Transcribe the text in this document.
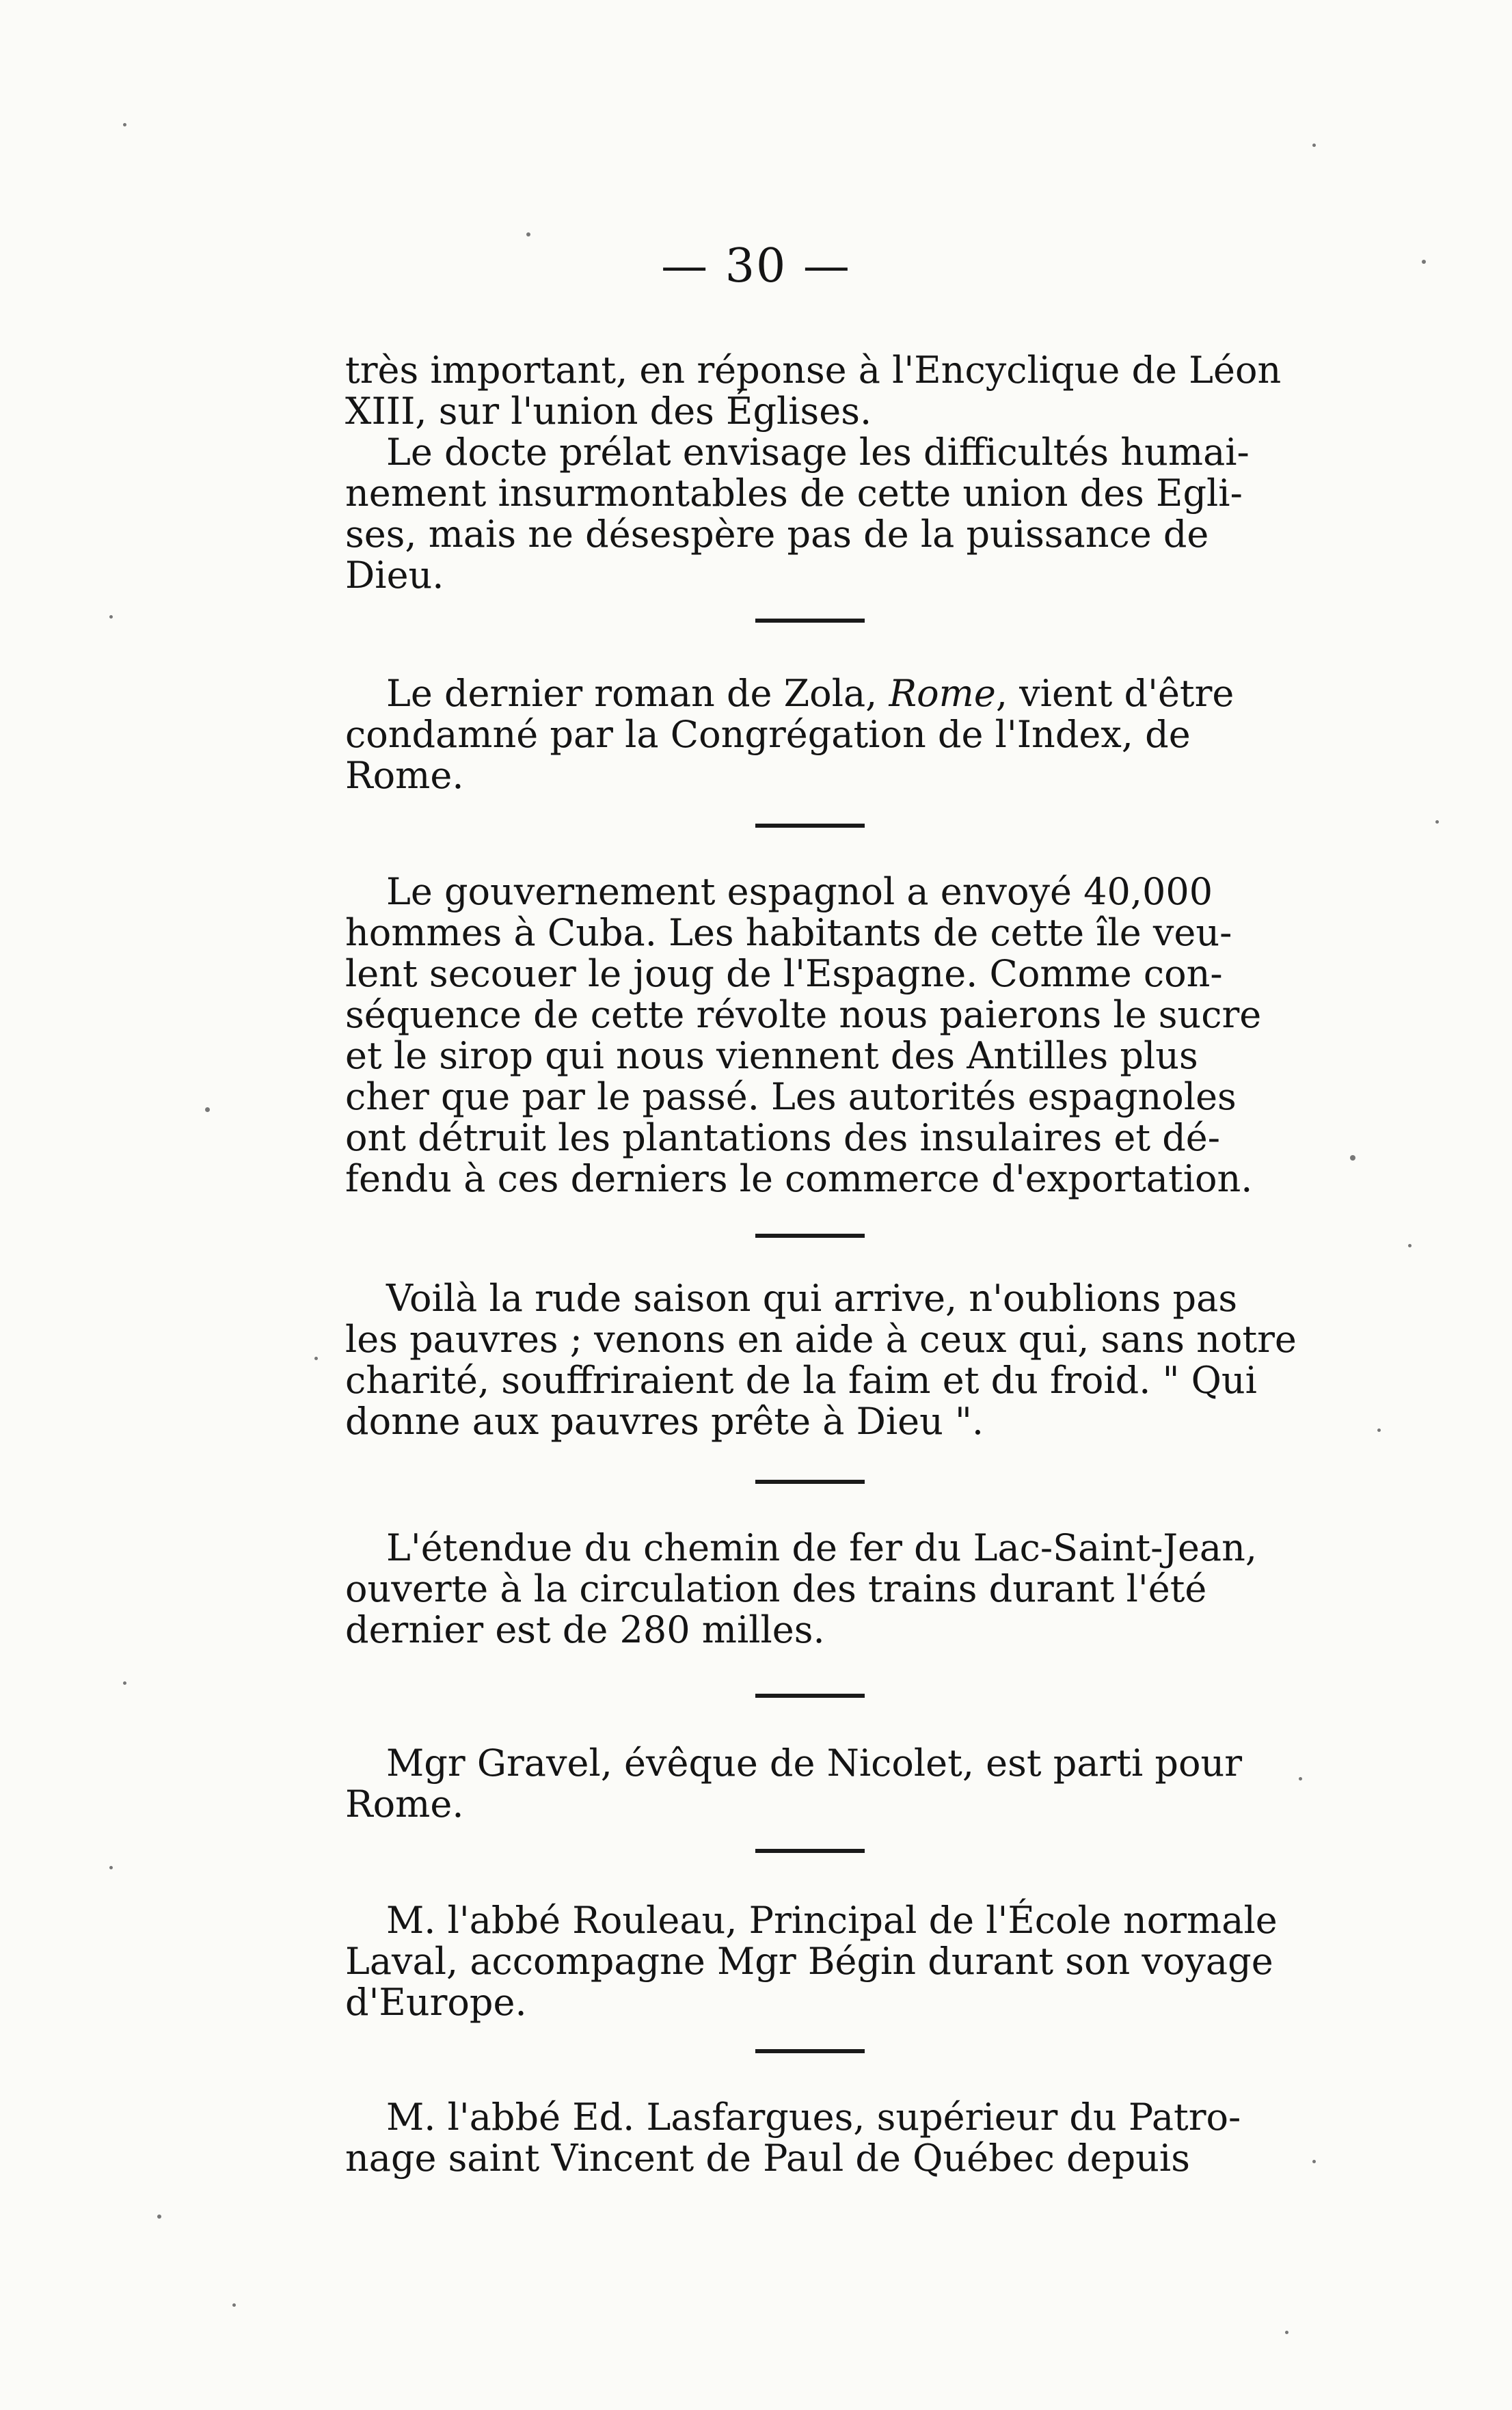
— 30 —

très important, en réponse à l'Encyclique de Léon
XIII, sur l'union des Églises.
Le docte prélat envisage les difficultés humai-
nement insurmontables de cette union des Egli-
ses, mais ne désespère pas de la puissance de
Dieu.

Le dernier roman de Zola, Rome, vient d'être
condamné par la Congrégation de l'Index, de
Rome.

Le gouvernement espagnol a envoyé 40,000
hommes à Cuba. Les habitants de cette île veu-
lent secouer le joug de l'Espagne. Comme con-
séquence de cette révolte nous paierons le sucre
et le sirop qui nous viennent des Antilles plus
cher que par le passé. Les autorités espagnoles
ont détruit les plantations des insulaires et dé-
fendu à ces derniers le commerce d'exportation.

Voilà la rude saison qui arrive, n'oublions pas
les pauvres ; venons en aide à ceux qui, sans notre
charité, souffriraient de la faim et du froid. " Qui
donne aux pauvres prête à Dieu ".

L'étendue du chemin de fer du Lac-Saint-Jean,
ouverte à la circulation des trains durant l'été
dernier est de 280 milles.

Mgr Gravel, évêque de Nicolet, est parti pour
Rome.

M. l'abbé Rouleau, Principal de l'École normale
Laval, accompagne Mgr Bégin durant son voyage
d'Europe.

M. l'abbé Ed. Lasfargues, supérieur du Patro-
nage saint Vincent de Paul de Québec depuis
